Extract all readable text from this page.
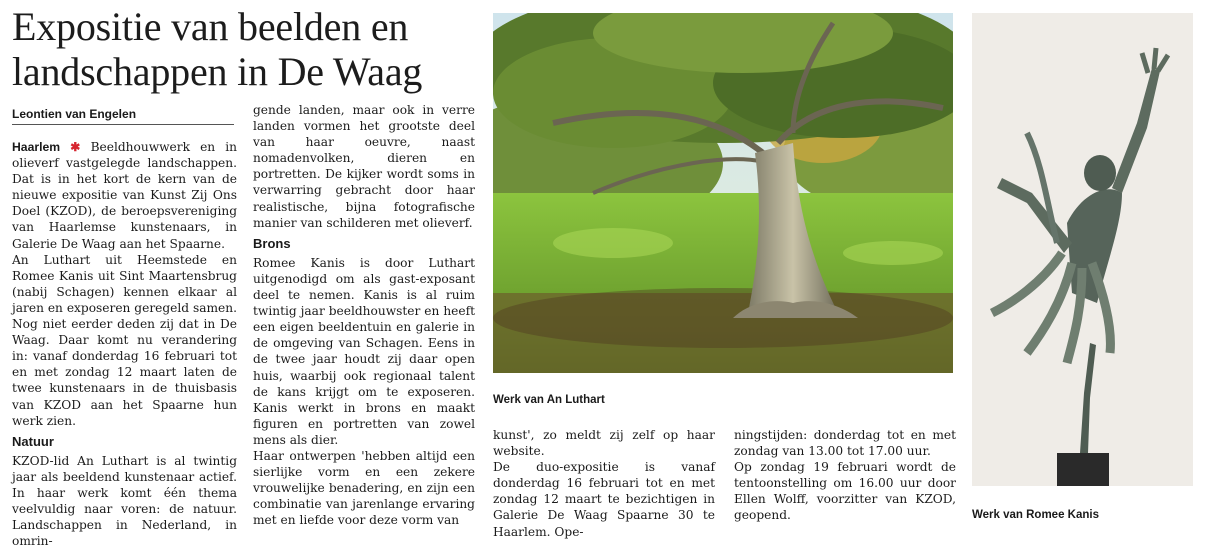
Expositie van beelden en landschappen in De Waag
Leontien van Engelen

Haarlem ✱ Beeldhouwwerk en in olieverf vastgelegde landschappen. Dat is in het kort de kern van de nieuwe expositie van Kunst Zij Ons Doel (KZOD), de beroepsvereniging van Haarlemse kunstenaars, in Galerie De Waag aan het Spaarne.

An Luthart uit Heemstede en Romee Kanis uit Sint Maartensbrug (nabij Schagen) kennen elkaar al jaren en exposeren geregeld samen. Nog niet eerder deden zij dat in De Waag. Daar komt nu verandering in: vanaf donderdag 16 februari tot en met zondag 12 maart laten de twee kunstenaars in de thuisbasis van KZOD aan het Spaarne hun werk zien.

Natuur

KZOD-lid An Luthart is al twintig jaar als beeldend kunstenaar actief. In haar werk komt één thema veelvuldig naar voren: de natuur. Landschappen in Nederland, in omrin-

gende landen, maar ook in verre landen vormen het grootste deel van haar oeuvre, naast nomadenvolken, dieren en portretten. De kijker wordt soms in verwarring gebracht door haar realistische, bijna fotografische manier van schilderen met olieverf.

Brons

Romee Kanis is door Luthart uitgenodigd om als gast-exposant deel te nemen. Kanis is al ruim twintig jaar beeldhouwster en heeft een eigen beeldentuin en galerie in de omgeving van Schagen. Eens in de twee jaar houdt zij daar open huis, waarbij ook regionaal talent de kans krijgt om te exposeren. Kanis werkt in brons en maakt figuren en portretten van zowel mens als dier.

Haar ontwerpen 'hebben altijd een sierlijke vorm en een zekere vrouwelijke benadering, en zijn een combinatie van jarenlange ervaring met en liefde voor deze vorm van

kunst', zo meldt zij zelf op haar website.

De duo-expositie is vanaf donderdag 16 februari tot en met zondag 12 maart te bezichtigen in Galerie De Waag Spaarne 30 te Haarlem. Ope-

ningstijden: donderdag tot en met zondag van 13.00 tot 17.00 uur.

Op zondag 19 februari wordt de tentoonstelling om 16.00 uur door Ellen Wolff, voorzitter van KZOD, geopend.

Werk van An Luthart
Werk van Romee Kanis
